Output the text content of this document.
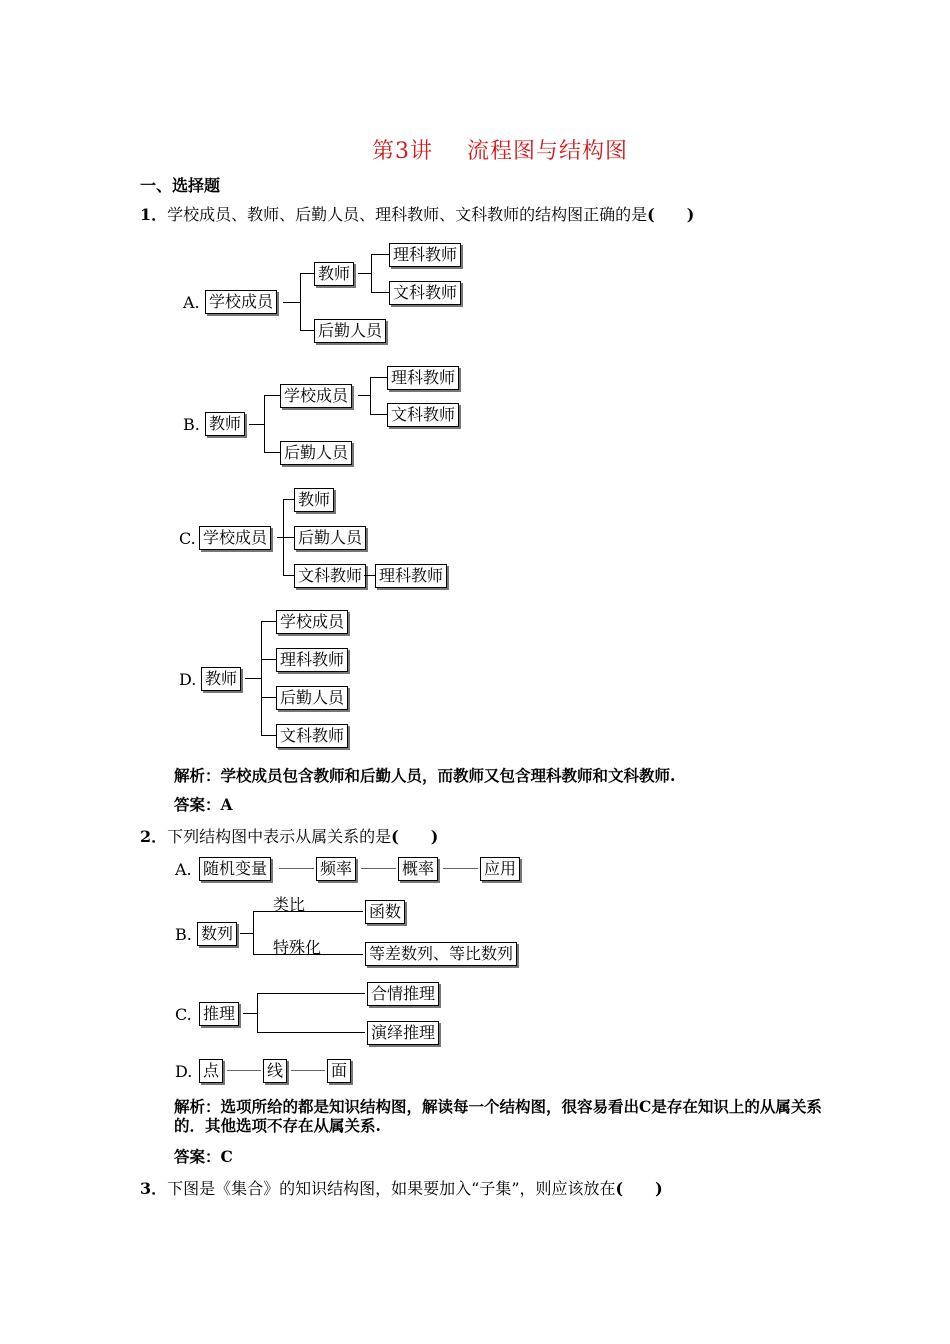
第3讲 流程图与结构图
一、选择题
1．学校成员、教师、后勤人员、理科教师、文科教师的结构图正确的是(　　)
A. 学校成员
教师
后勤人员
理科教师
文科教师
B. 教师
学校成员
后勤人员
理科教师
文科教师
C. 学校成员
教师
后勤人员
文科教师 理科教师
D. 教师
学校成员
理科教师
后勤人员
文科教师
解析：学校成员包含教师和后勤人员，而教师又包含理科教师和文科教师.
答案：A
2．下列结构图中表示从属关系的是(　　)
A. 随机变量	频率	概率	应用
B. 数列
类比
特殊化
函数
等差数列、等比数列
C. 推理
合情推理
演绎推理
D. 点	线	面
解析：选项所给的都是知识结构图，解读每一个结构图，很容易看出C是存在知识上的从属关系的．其他选项不存在从属关系.
答案：C
3．下图是《集合》的知识结构图，如果要加入“子集”，则应该放在(　　)
